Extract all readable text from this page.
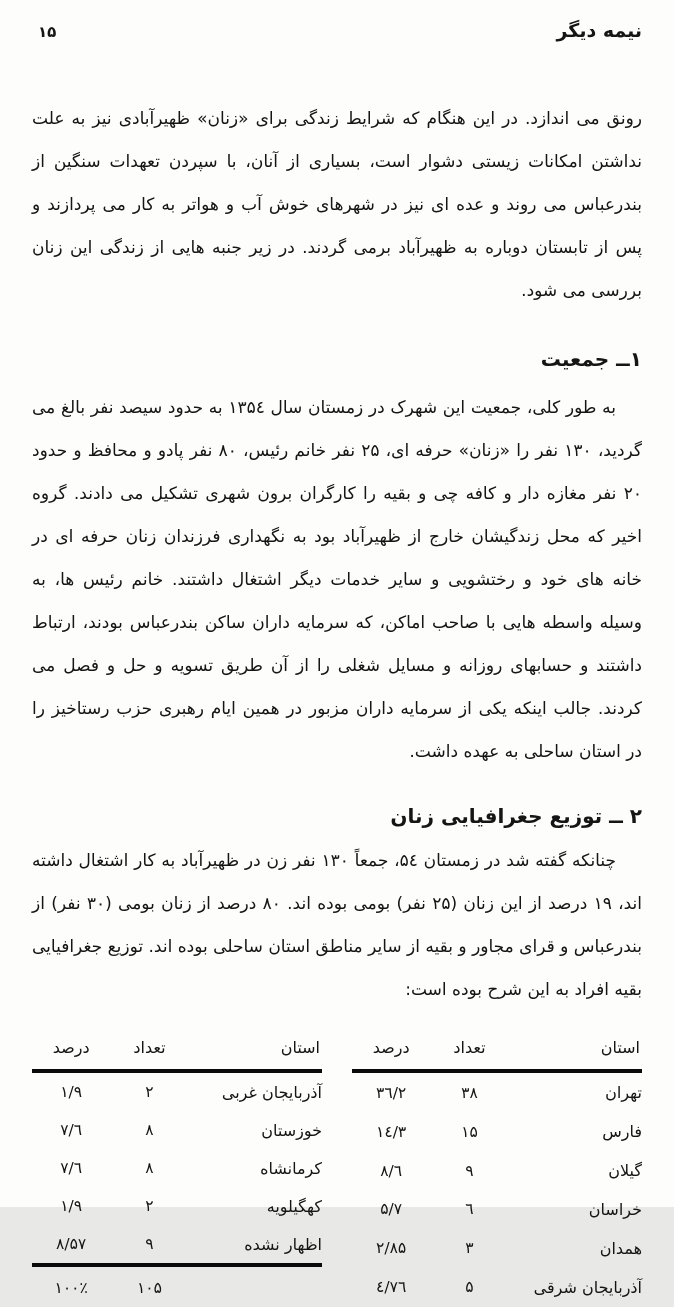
نیمه دیگر
۱۵

رونق می اندازد. در این هنگام که شرایط زندگی برای «زنان» ظهیرآبادی نیز به علت نداشتن امکانات زیستی دشوار است، بسیاری از آنان، با سپردن تعهدات سنگین از بندرعباس می روند و عده ای نیز در شهرهای خوش آب و هواتر به کار می پردازند و پس از تابستان دوباره به ظهیرآباد برمی گردند. در زیر جنبه هایی از زندگی این زنان بررسی می شود.

۱ــ جمعیت

به طور کلی، جمعیت این شهرک در زمستان سال ۱۳۵٤ به حدود سیصد نفر بالغ می گردید، ۱۳۰ نفر را «زنان» حرفه ای، ۲۵ نفر خانم رئیس، ۸۰ نفر پادو و محافظ و حدود ۲۰ نفر مغازه دار و کافه چی و بقیه را کارگران برون شهری تشکیل می دادند. گروه اخیر که محل زندگیشان خارج از ظهیرآباد بود به نگهداری فرزندان زنان حرفه ای در خانه های خود و رختشویی و سایر خدمات دیگر اشتغال داشتند. خانم رئیس ها، به وسیله واسطه هایی با صاحب اماکن، که سرمایه داران ساکن بندرعباس بودند، ارتباط داشتند و حسابهای روزانه و مسایل شغلی را از آن طریق تسویه و حل و فصل می کردند. جالب اینکه یکی از سرمایه داران مزبور در همین ایام رهبری حزب رستاخیز را در استان ساحلی به عهده داشت.

۲ ــ توزیع جغرافیایی زنان

چنانکه گفته شد در زمستان ۵٤، جمعاً ۱۳۰ نفر زن در ظهیرآباد به کار اشتغال داشته اند، ۱۹ درصد از این زنان (۲۵ نفر) بومی بوده اند. ۸۰ درصد از زنان بومی (۳۰ نفر) از بندرعباس و قرای مجاور و بقیه از سایر مناطق استان ساحلی بوده اند. توزیع جغرافیایی بقیه افراد به این شرح بوده است:

استان	تعداد	درصد
تهران	۳۸	۳٦/۲
فارس	۱۵	۱٤/۳
گیلان	۹	۸/٦
خراسان	٦	۵/۷
همدان	۳	۲/۸۵
آذربایجان شرقی	۵	٤/۷٦
استان	تعداد	درصد
آذربایجان غربی	۲	۱/۹
خوزستان	۸	۷/٦
کرمانشاه	۸	۷/٦
کهگیلویه	۲	۱/۹
اظهار نشده	۹	۸/۵۷
	۱۰۵	۱۰۰٪
